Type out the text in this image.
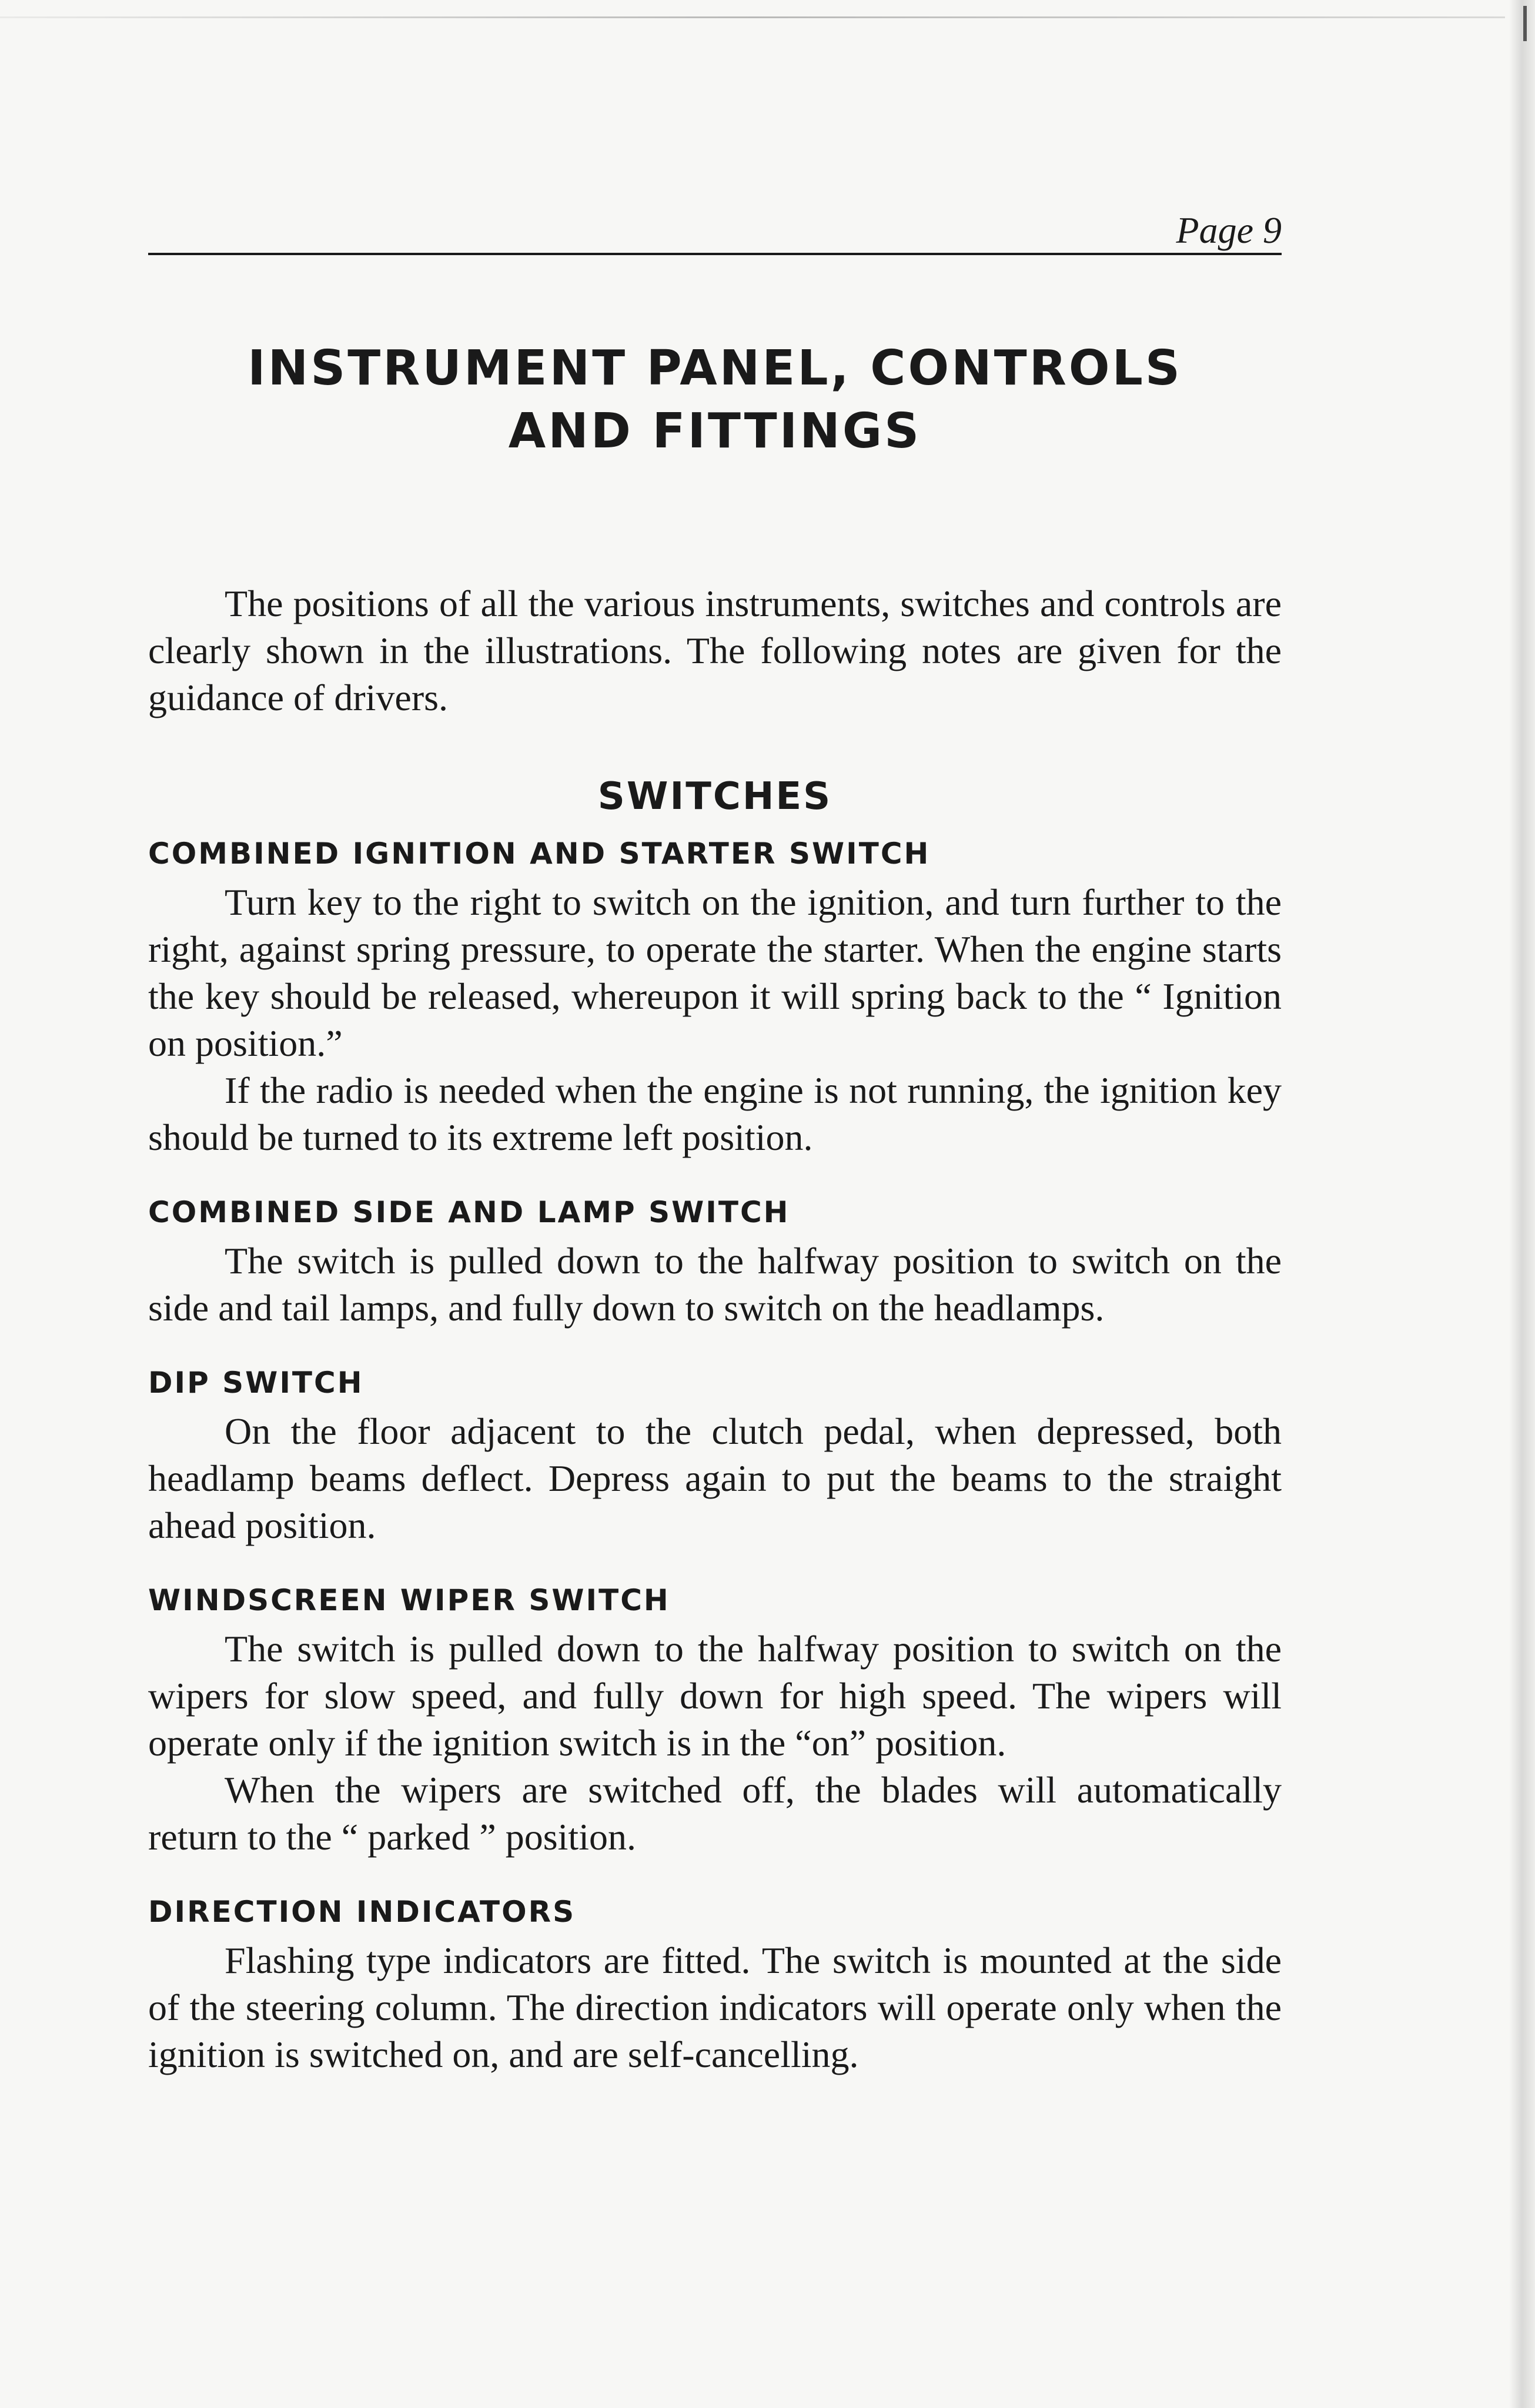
Page 9
INSTRUMENT PANEL, CONTROLS
AND FITTINGS

The positions of all the various instruments, switches and controls are clearly shown in the illustrations. The following notes are given for the guidance of drivers.

SWITCHES
COMBINED IGNITION AND STARTER SWITCH

Turn key to the right to switch on the ignition, and turn further to the right, against spring pressure, to operate the starter. When the engine starts the key should be released, whereupon it will spring back to the “ Ignition on position.”

If the radio is needed when the engine is not running, the ignition key should be turned to its extreme left position.

COMBINED SIDE AND LAMP SWITCH

The switch is pulled down to the halfway position to switch on the side and tail lamps, and fully down to switch on the headlamps.

DIP SWITCH

On the floor adjacent to the clutch pedal, when depressed, both headlamp beams deflect. Depress again to put the beams to the straight ahead position.

WINDSCREEN WIPER SWITCH

The switch is pulled down to the halfway position to switch on the wipers for slow speed, and fully down for high speed. The wipers will operate only if the ignition switch is in the “on” position.

When the wipers are switched off, the blades will automatically return to the “ parked ” position.

DIRECTION INDICATORS

Flashing type indicators are fitted. The switch is mounted at the side of the steering column. The direction indicators will operate only when the ignition is switched on, and are self-cancelling.
